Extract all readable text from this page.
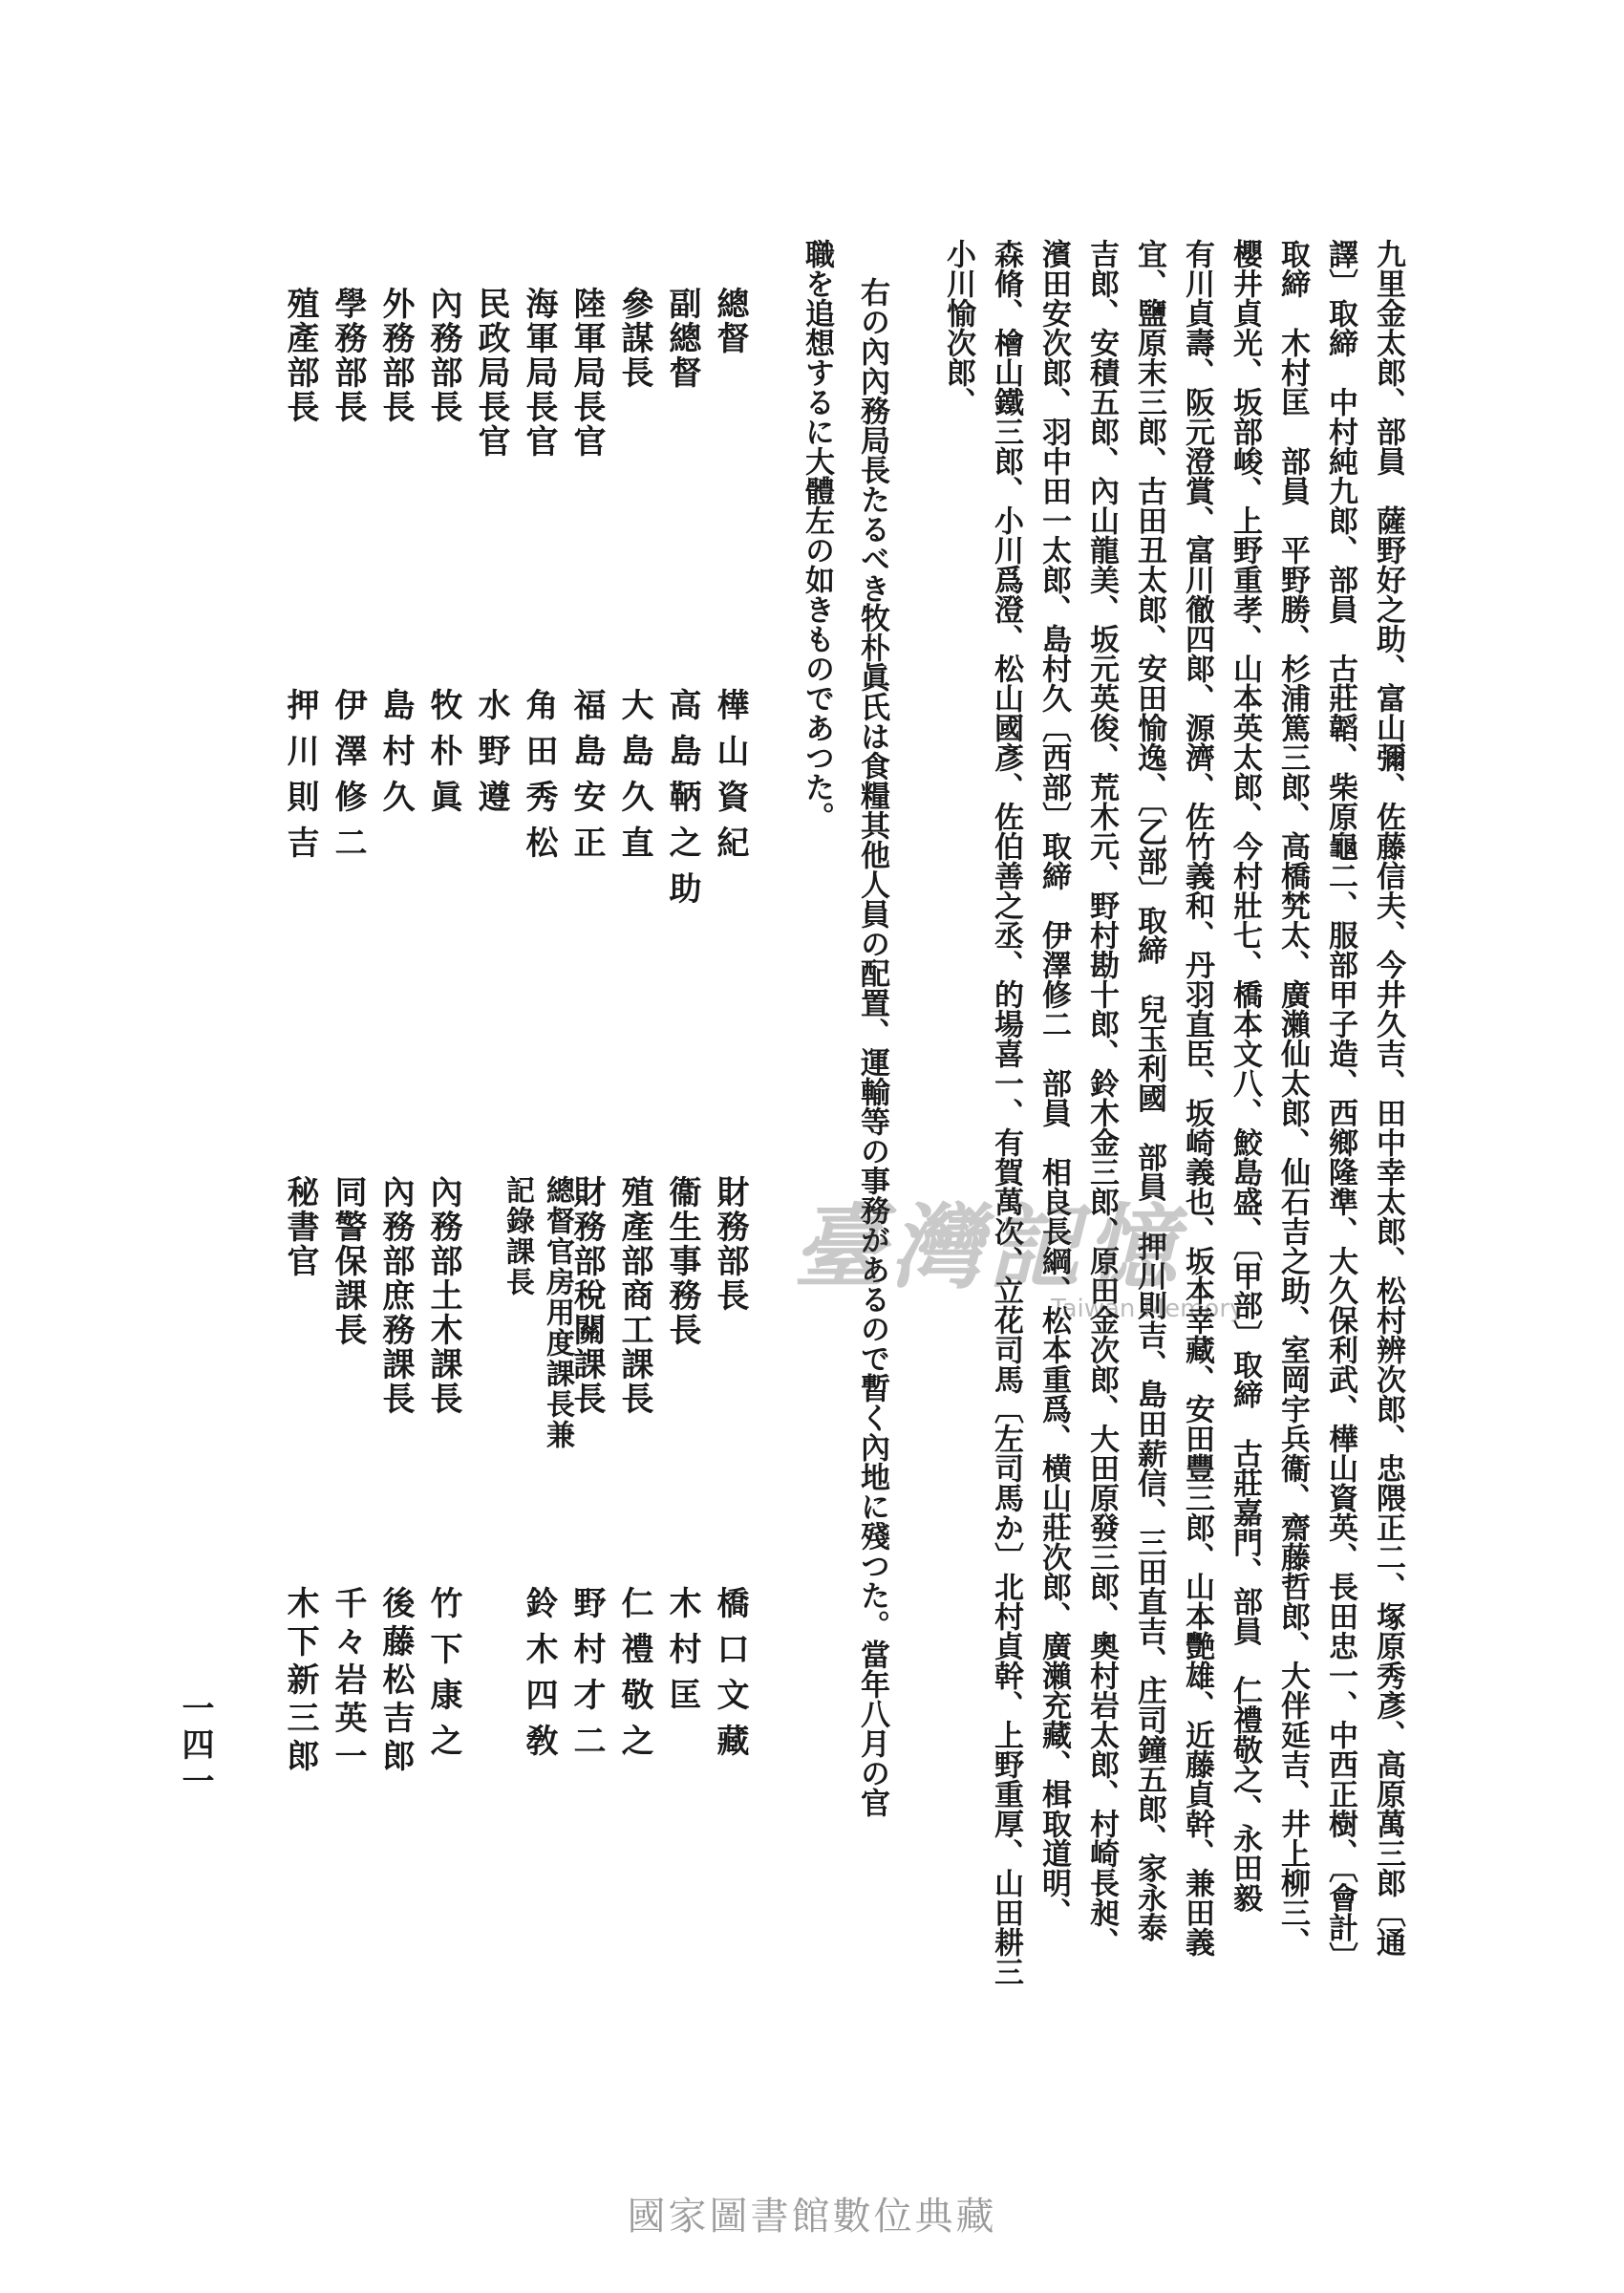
九里金太郎、部員　薩野好之助、富山彌、佐藤信夫、今井久吉、田中幸太郎、松村辨次郎、忠隈正二、塚原秀彥、高原萬三郎〔通
譯〕取締　中村純九郎、部員　古莊韜、柴原龜二、服部甲子造、西鄉隆準、大久保利武、樺山資英、長田忠一、中西正樹、〔會計〕
取締　木村匡　部員　平野勝、杉浦篤三郎、高橋㭝太、廣瀨仙太郎、仙石吉之助、室岡宇兵衞、齋藤哲郎、大伴延吉、井上柳三、
櫻井貞光、坂部峻、上野重孝、山本英太郎、今村壯七、橋本文八、鮫島盛、〔甲部〕取締　古莊嘉門、部員　仁禮敬之、永田毅
有川貞壽、阪元澄賞、富川徹四郞、源濟、佐竹義和、丹羽直臣、坂崎義也、坂本幸藏、安田豐三郎、山本艷雄、近藤貞幹、兼田義
宜、鹽原末三郎、古田丑太郎、安田愉逸、〔乙部〕取締　兒玉利國　部員　押川則吉、島田薪信、三田直吉、庄司鐘五郎、家永泰
吉郎、安積五郎、內山龍美、坂元英俊、荒木元、野村勘十郎、鈴木金三郎、原田金次郎、大田原發三郎、奧村岩太郎、村崎長昶、
濱田安次郎、羽中田一太郎、島村久〔西部〕取締　伊澤修二　部員　相良長綱、松本重爲、横山莊次郎、廣瀨充藏、楫取道明、
森脩、檜山鐵三郎、小川爲澄、松山國彥、佐伯善之丞、的場喜一、有賀萬次、立花司馬〔左司馬か〕北村貞幹、上野重厚、山田耕三
小川愉次郎、
右の內內務局長たるべき牧朴眞氏は食糧其他人員の配置、運輸等の事務があるので暫く內地に殘つた。當年八月の官
職を追想するに大體左の如きものであつた。
總督
樺山資紀
副總督
高島鞆之助
參謀長
大島久直
陸軍局長官
福島安正
海軍局長官
角田秀松
民政局長官
水野遵
內務部長
牧朴眞
外務部長
島村久
學務部長
伊澤修二
殖產部長
押川則吉
財務部長
橋口文藏
衞生事務長
木村匡
殖產部商工課長
仁禮敬之
財務部稅關課長
野村才二
總督官房用度課長兼
記錄課長
鈴木四敎
內務部土木課長
竹下康之
內務部庶務課長
後藤松吉郎
同警保課長
千々岩英一
秘書官
木下新三郎
一四一
臺灣記憶
Taiwan Memory
國家圖書館數位典藏
